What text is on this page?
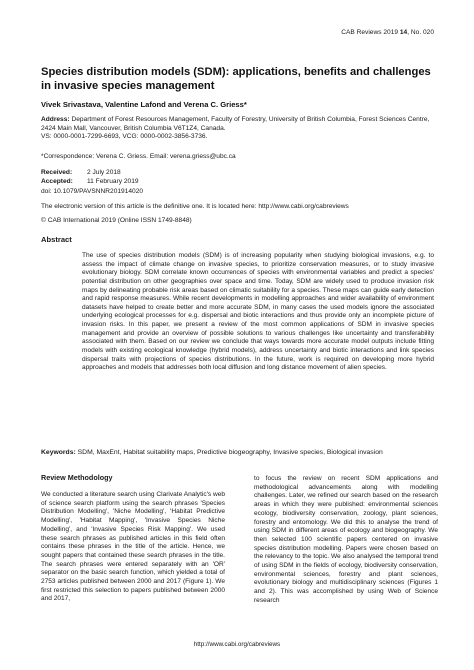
CAB Reviews 2019 14, No. 020
Species distribution models (SDM): applications, benefits and challenges in invasive species management
Vivek Srivastava, Valentine Lafond and Verena C. Griess*
Address: Department of Forest Resources Management, Faculty of Forestry, University of British Columbia, Forest Sciences Centre, 2424 Main Mall, Vancouver, British Columbia V6T1Z4, Canada.
VS: 0000-0001-7299-6693, VCG: 0000-0002-3856-3736.
*Correspondence: Verena C. Griess. Email: verena.griess@ubc.ca
Received: 2 July 2018
Accepted: 11 February 2019
doi: 10.1079/PAVSNNR201914020
The electronic version of this article is the definitive one. It is located here: http://www.cabi.org/cabreviews
© CAB International 2019 (Online ISSN 1749-8848)
Abstract
The use of species distribution models (SDM) is of increasing popularity when studying biological invasions, e.g. to assess the impact of climate change on invasive species, to prioritize conservation measures, or to study invasive evolutionary biology. SDM correlate known occurrences of species with environmental variables and predict a species' potential distribution on other geographies over space and time. Today, SDM are widely used to produce invasion risk maps by delineating probable risk areas based on climatic suitability for a species. These maps can guide early detection and rapid response measures. While recent developments in modelling approaches and wider availability of environment datasets have helped to create better and more accurate SDM, in many cases the used models ignore the associated underlying ecological processes for e.g. dispersal and biotic interactions and thus provide only an incomplete picture of invasion risks. In this paper, we present a review of the most common applications of SDM in invasive species management and provide an overview of possible solutions to various challenges like uncertainty and transferability associated with them. Based on our review we conclude that ways towards more accurate model outputs include fitting models with existing ecological knowledge (hybrid models), address uncertainty and biotic interactions and link species dispersal traits with projections of species distributions. In the future, work is required on developing more hybrid approaches and models that addresses both local diffusion and long distance movement of alien species.
Keywords: SDM, MaxEnt, Habitat suitability maps, Predictive biogeography, Invasive species, Biological invasion
Review Methodology
We conducted a literature search using Clarivate Analytic's web of science search platform using the search phrases 'Species Distribution Modelling', 'Niche Modelling', 'Habitat Predictive Modelling', 'Habitat Mapping', 'Invasive Species Niche Modelling', and 'Invasive Species Risk Mapping'. We used these search phrases as published articles in this field often contains these phrases in the title of the article. Hence, we sought papers that contained these search phrases in the title. The search phrases were entered separately with an 'OR' separator on the basic search function, which yielded a total of 2753 articles published between 2000 and 2017 (Figure 1). We first restricted this selection to papers published between 2000 and 2017,
to focus the review on recent SDM applications and methodological advancements along with modelling challenges. Later, we refined our search based on the research areas in which they were published: environmental sciences ecology, biodiversity conservation, zoology, plant sciences, forestry and entomology. We did this to analyse the trend of using SDM in different areas of ecology and biogeography. We then selected 100 scientific papers centered on invasive species distribution modelling. Papers were chosen based on the relevancy to the topic. We also analysed the temporal trend of using SDM in the fields of ecology, biodiversity conservation, environmental sciences, forestry and plant sciences, evolutionary biology and multidisciplinary sciences (Figures 1 and 2). This was accomplished by using Web of Science research
http://www.cabi.org/cabreviews
